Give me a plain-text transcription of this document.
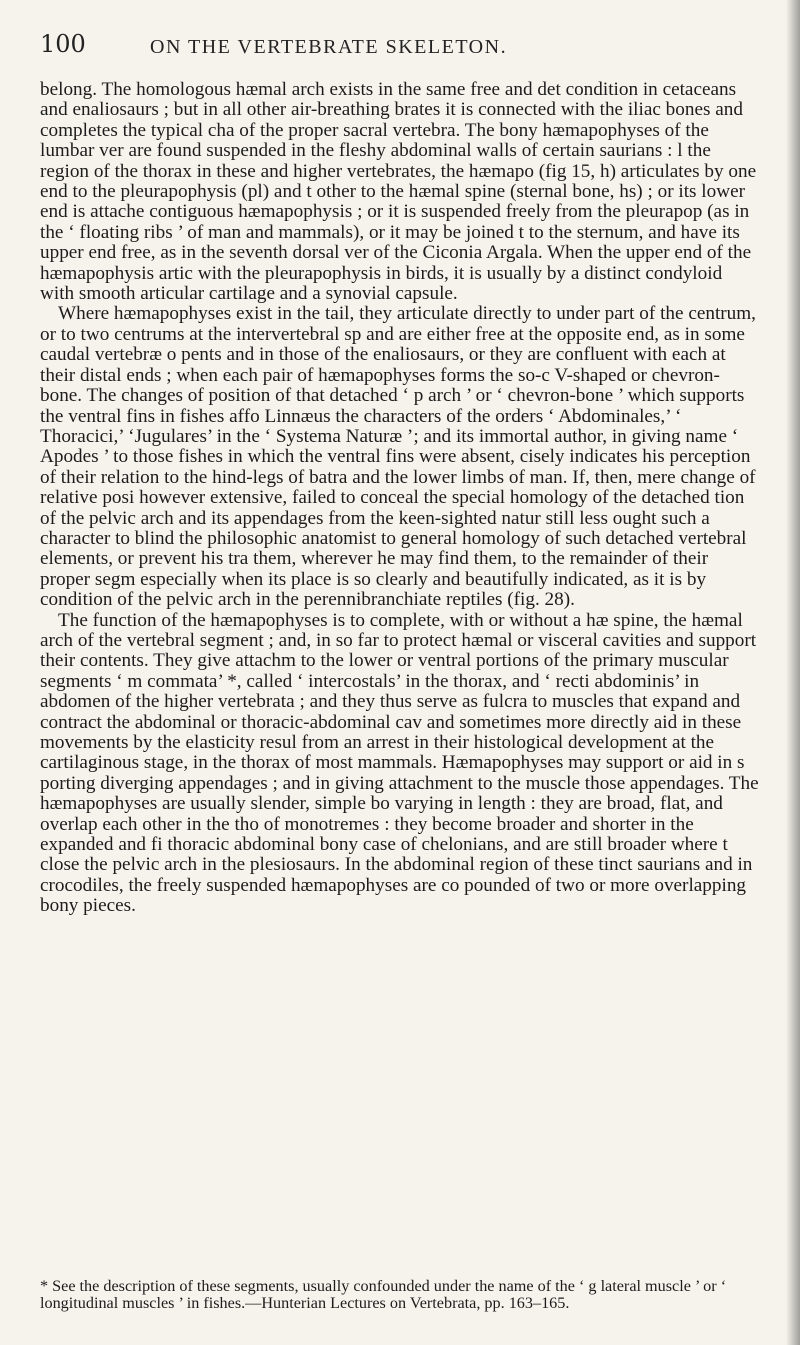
100	ON THE VERTEBRATE SKELETON.

belong. The homologous hæmal arch exists in the same free and det condition in cetaceans and enaliosaurs ; but in all other air-breathing brates it is connected with the iliac bones and completes the typical cha of the proper sacral vertebra. The bony hæmapophyses of the lumbar ver are found suspended in the fleshy abdominal walls of certain saurians : l the region of the thorax in these and higher vertebrates, the hæmapo (fig 15, h) articulates by one end to the pleurapophysis (pl) and t other to the hæmal spine (sternal bone, hs) ; or its lower end is attache contiguous hæmapophysis ; or it is suspended freely from the pleurapop (as in the ‘ floating ribs ’ of man and mammals), or it may be joined t to the sternum, and have its upper end free, as in the seventh dorsal ver of the Ciconia Argala. When the upper end of the hæmapophysis artic with the pleurapophysis in birds, it is usually by a distinct condyloid with smooth articular cartilage and a synovial capsule.

Where hæmapophyses exist in the tail, they articulate directly to under part of the centrum, or to two centrums at the intervertebral sp and are either free at the opposite end, as in some caudal vertebræ o pents and in those of the enaliosaurs, or they are confluent with each at their distal ends ; when each pair of hæmapophyses forms the so-c V-shaped or chevron-bone. The changes of position of that detached ‘ p arch ’ or ‘ chevron-bone ’ which supports the ventral fins in fishes affo Linnæus the characters of the orders ‘ Abdominales,’ ‘ Thoracici,’ ‘Jugulares’ in the ‘ Systema Naturæ ’; and its immortal author, in giving name ‘ Apodes ’ to those fishes in which the ventral fins were absent, cisely indicates his perception of their relation to the hind-legs of batra and the lower limbs of man. If, then, mere change of relative posi however extensive, failed to conceal the special homology of the detached tion of the pelvic arch and its appendages from the keen-sighted natur still less ought such a character to blind the philosophic anatomist to general homology of such detached vertebral elements, or prevent his tra them, wherever he may find them, to the remainder of their proper segm especially when its place is so clearly and beautifully indicated, as it is by condition of the pelvic arch in the perennibranchiate reptiles (fig. 28).

The function of the hæmapophyses is to complete, with or without a hæ spine, the hæmal arch of the vertebral segment ; and, in so far to protect hæmal or visceral cavities and support their contents. They give attachm to the lower or ventral portions of the primary muscular segments ‘ m commata’ *, called ‘ intercostals’ in the thorax, and ‘ recti abdominis’ in abdomen of the higher vertebrata ; and they thus serve as fulcra to muscles that expand and contract the abdominal or thoracic-abdominal cav and sometimes more directly aid in these movements by the elasticity resul from an arrest in their histological development at the cartilaginous stage, in the thorax of most mammals. Hæmapophyses may support or aid in s porting diverging appendages ; and in giving attachment to the muscle those appendages. The hæmapophyses are usually slender, simple bo varying in length : they are broad, flat, and overlap each other in the tho of monotremes : they become broader and shorter in the expanded and fi thoracic abdominal bony case of chelonians, and are still broader where t close the pelvic arch in the plesiosaurs. In the abdominal region of these tinct saurians and in crocodiles, the freely suspended hæmapophyses are co pounded of two or more overlapping bony pieces.

* See the description of these segments, usually confounded under the name of the ‘ g lateral muscle ’ or ‘ longitudinal muscles ’ in fishes.—Hunterian Lectures on Vertebrata, pp. 163–165.
